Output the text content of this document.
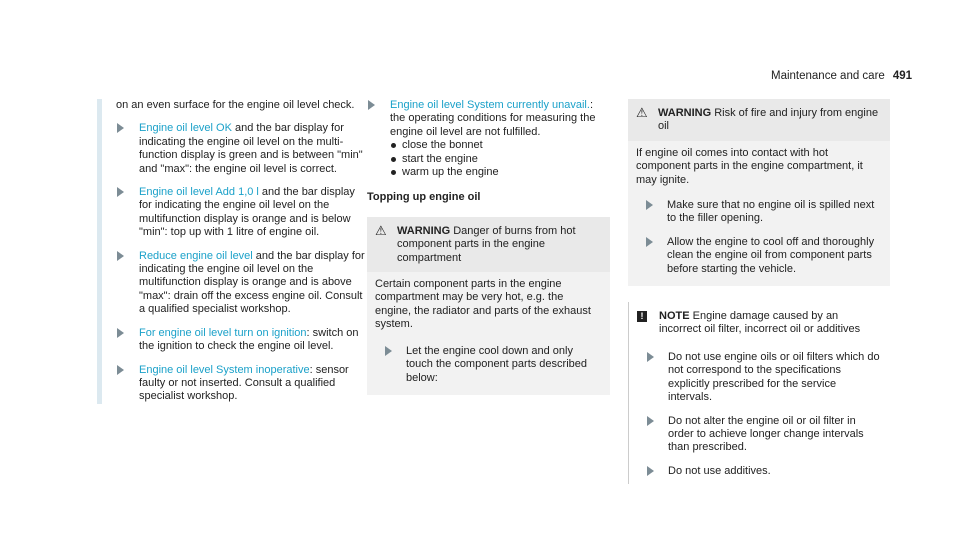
Maintenance and care 491
on an even surface for the engine oil level check.
Engine oil level OK and the bar display for indicating the engine oil level on the multi-function display is green and is between "min" and "max": the engine oil level is correct.
Engine oil level Add 1,0 l and the bar display for indicating the engine oil level on the multifunction display is orange and is below "min": top up with 1 litre of engine oil.
Reduce engine oil level and the bar display for indicating the engine oil level on the multifunction display is orange and is above "max": drain off the excess engine oil. Consult a qualified specialist workshop.
For engine oil level turn on ignition: switch on the ignition to check the engine oil level.
Engine oil level System inoperative: sensor faulty or not inserted. Consult a qualified specialist workshop.
Engine oil level System currently unavail.: the operating conditions for measuring the engine oil level are not fulfilled.
close the bonnet
start the engine
warm up the engine
Topping up engine oil
⚠ WARNING Danger of burns from hot component parts in the engine compartment
Certain component parts in the engine compartment may be very hot, e.g. the engine, the radiator and parts of the exhaust system.
Let the engine cool down and only touch the component parts described below:
⚠ WARNING Risk of fire and injury from engine oil
If engine oil comes into contact with hot component parts in the engine compartment, it may ignite.
Make sure that no engine oil is spilled next to the filler opening.
Allow the engine to cool off and thoroughly clean the engine oil from component parts before starting the vehicle.
!	NOTE Engine damage caused by an incorrect oil filter, incorrect oil or additives
Do not use engine oils or oil filters which do not correspond to the specifications explicitly prescribed for the service intervals.
Do not alter the engine oil or oil filter in order to achieve longer change intervals than prescribed.
Do not use additives.
